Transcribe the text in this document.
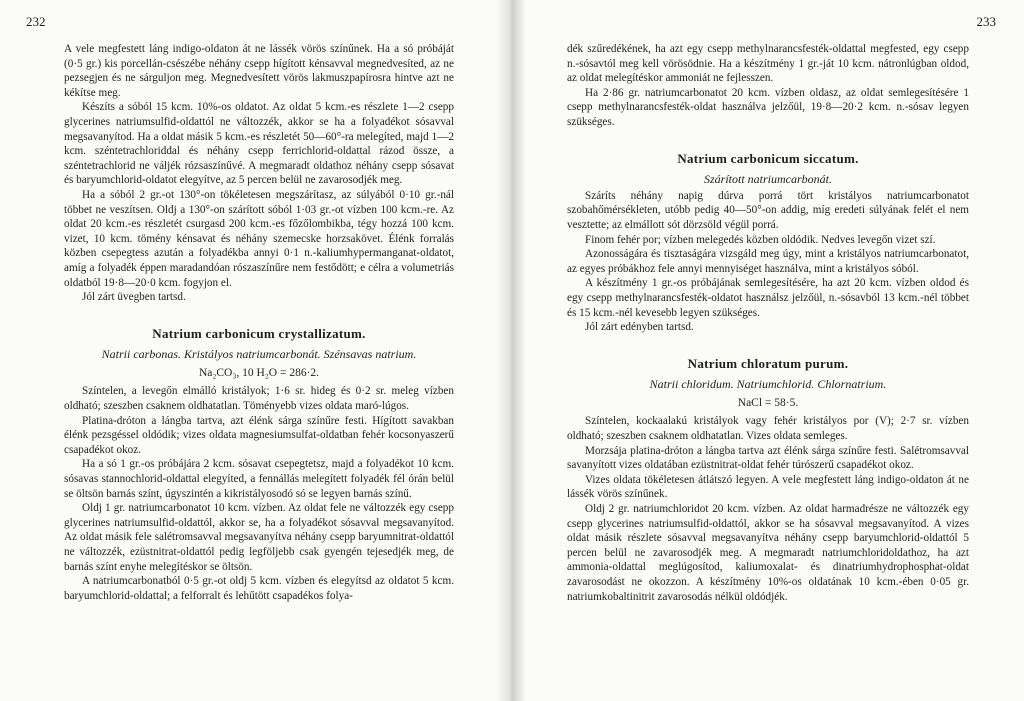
232

A vele megfestett láng indigo-oldaton át ne lássék vörös színűnek. Ha a só próbáját (0·5 gr.) kis porcellán-csészébe néhány csepp hígított kénsavval megnedvesíted, az ne pezsegjen és ne sárguljon meg. Megnedvesített vörös lakmuszpapírosra hintve azt ne kékítse meg.

Készíts a sóból 15 kcm. 10%-os oldatot. Az oldat 5 kcm.-es részlete 1—2 csepp glycerines natriumsulfid-oldattól ne változzék, akkor se ha a folyadékot sósavval megsavanyítod. Ha a oldat másik 5 kcm.-es részletét 50—60°-ra melegíted, majd 1—2 kcm. széntetrachloriddal és néhány csepp ferrichlorid-oldattal rázod össze, a széntetrachlorid ne váljék rózsaszínűvé. A megmaradt oldathoz néhány csepp sósavat és baryumchlorid-oldatot elegyítve, az 5 percen belül ne zavarosodjék meg.

Ha a sóból 2 gr.-ot 130°-on tökéletesen megszárítasz, az súlyából 0·10 gr.-nál többet ne veszítsen. Oldj a 130°-on szárított sóból 1·03 gr.-ot vízben 100 kcm.-re. Az oldat 20 kcm.-es részletét csurgasd 200 kcm.-es főzőlombikba, tégy hozzá 100 kcm. vizet, 10 kcm. tömény kénsavat és néhány szemecske horzsakövet. Élénk forralás közben csepegtess azután a folyadékba annyi 0·1 n.-kaliumhypermanganat-oldatot, amíg a folyadék éppen maradandóan rószaszínűre nem festődött; e célra a volumetriás oldatból 19·8—20·0 kcm. fogyjon el.

Jól zárt üvegben tartsd.

Natrium carbonicum crystallizatum.
Natrii carbonas. Kristályos natriumcarbonát. Szénsavas natrium.
Na₂CO₃, 10 H₂O = 286·2.

Színtelen, a levegőn elmálló kristályok; 1·6 sr. hideg és 0·2 sr. meleg vízben oldható; szeszben csaknem oldhatatlan. Töményebb vizes oldata maró-lúgos.

Platina-dróton a lángba tartva, azt élénk sárga színűre festi. Hígított savakban élénk pezsgéssel oldódik; vizes oldata magnesiumsulfat-oldatban fehér kocsonyaszerű csapadékot okoz.

Ha a só 1 gr.-os próbájára 2 kcm. sósavat csepegtetsz, majd a folyadékot 10 kcm. sósavas stannochlorid-oldattal elegyíted, a fennállás melegített folyadék fél órán belül se öltsön barnás színt, úgyszintén a kikristályosodó só se legyen barnás színű.

Oldj 1 gr. natriumcarbonatot 10 kcm. vízben. Az oldat fele ne változzék egy csepp glycerines natriumsulfid-oldattól, akkor se, ha a folyadékot sósavval megsavanyítod. Az oldat másik fele salétromsavval megsavanyítva néhány csepp baryumnitrat-oldattól ne változzék, ezüstnitrat-oldattól pedig legföljebb csak gyengén tejesedjék meg, de barnás színt enyhe melegítéskor se öltsön.

A natriumcarbonatból 0·5 gr.-ot oldj 5 kcm. vízben és elegyítsd az oldatot 5 kcm. baryumchlorid-oldattal; a felforralt és lehűtött csapadékos folya-

233

dék szűredékének, ha azt egy csepp methylnarancsfesték-oldattal megfested, egy csepp n.-sósavtól meg kell vörösödnie. Ha a készítmény 1 gr.-ját 10 kcm. nátronlúgban oldod, az oldat melegítéskor ammoniát ne fejlesszen.

Ha 2·86 gr. natriumcarbonatot 20 kcm. vízben oldasz, az oldat semlegesítésére 1 csepp methylnarancsfesték-oldat használva jelzőül, 19·8—20·2 kcm. n.-sósav legyen szükséges.

Natrium carbonicum siccatum.
Szárított natriumcarbonát.

Száríts néhány napig dúrva porrá tört kristályos natriumcarbonatot szobahőmérsékleten, utóbb pedig 40—50°-on addig, míg eredeti súlyának felét el nem vesztette; az elmállott sót dörzsöld végül porrá.

Finom fehér por; vízben melegedés közben oldódik. Nedves levegőn vizet szí.

Azonosságára és tisztaságára vizsgáld meg úgy, mint a kristályos natriumcarbonatot, az egyes próbákhoz fele annyi mennyiséget használva, mint a kristályos sóból.

A készítmény 1 gr.-os próbájának semlegesítésére, ha azt 20 kcm. vízben oldod és egy csepp methylnarancsfesték-oldatot használsz jelzőül, n.-sósavból 13 kcm.-nél többet és 15 kcm.-nél kevesebb legyen szükséges.

Jól zárt edényben tartsd.

Natrium chloratum purum.
Natrii chloridum. Natriumchlorid. Chlornatrium.
NaCl = 58·5.

Színtelen, kockaalakú kristályok vagy fehér kristályos por (V); 2·7 sr. vízben oldható; szeszben csaknem oldhatatlan. Vizes oldata semleges.

Morzsája platina-dróton a lángba tartva azt élénk sárga színűre festi. Salétromsavval savanyított vizes oldatában ezüstnitrat-oldat fehér túrószerű csapadékot okoz.

Vizes oldata tökéletesen átlátszó legyen. A vele megfestett láng indigo-oldaton át ne lássék vörös színűnek.

Oldj 2 gr. natriumchloridot 20 kcm. vízben. Az oldat harmadrésze ne változzék egy csepp glycerines natriumsulfid-oldattól, akkor se ha sósavval megsavanyítod. A vizes oldat másik részlete sósavval megsavanyítva néhány csepp baryumchlorid-oldattól 5 percen belül ne zavarosodjék meg. A megmaradt natriumchloridoldathoz, ha azt ammonia-oldattal meglúgosítod, kaliumoxalat- és dinatriumhydrophosphat-oldat zavarosodást ne okozzon. A készítmény 10%-os oldatának 10 kcm.-ében 0·05 gr. natriumkobaltinitrit zavarosodás nélkül oldódjék.
